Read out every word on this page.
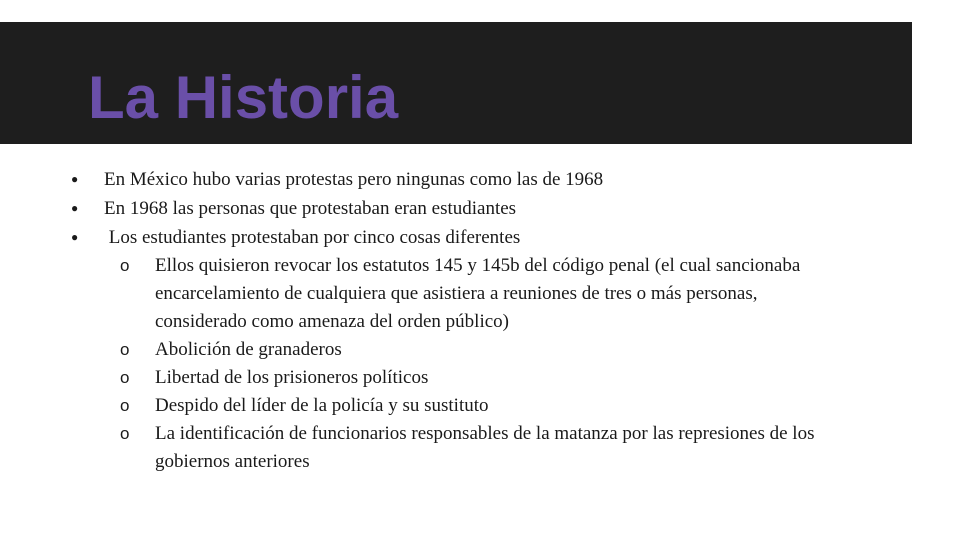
La Historia
● En México hubo varias protestas pero ningunas como las de 1968
● En 1968 las personas que protestaban eran estudiantes
● Los estudiantes protestaban por cinco cosas diferentes
o Ellos quisieron revocar los estatutos 145 y 145b del código penal (el cual sancionaba encarcelamiento de cualquiera que asistiera a reuniones de tres o más personas, considerado como amenaza del orden público)
o Abolición de granaderos
o Libertad de los prisioneros políticos
o Despido del líder de la policía y su sustituto
o La identificación de funcionarios responsables de la matanza por las represiones de los gobiernos anteriores
